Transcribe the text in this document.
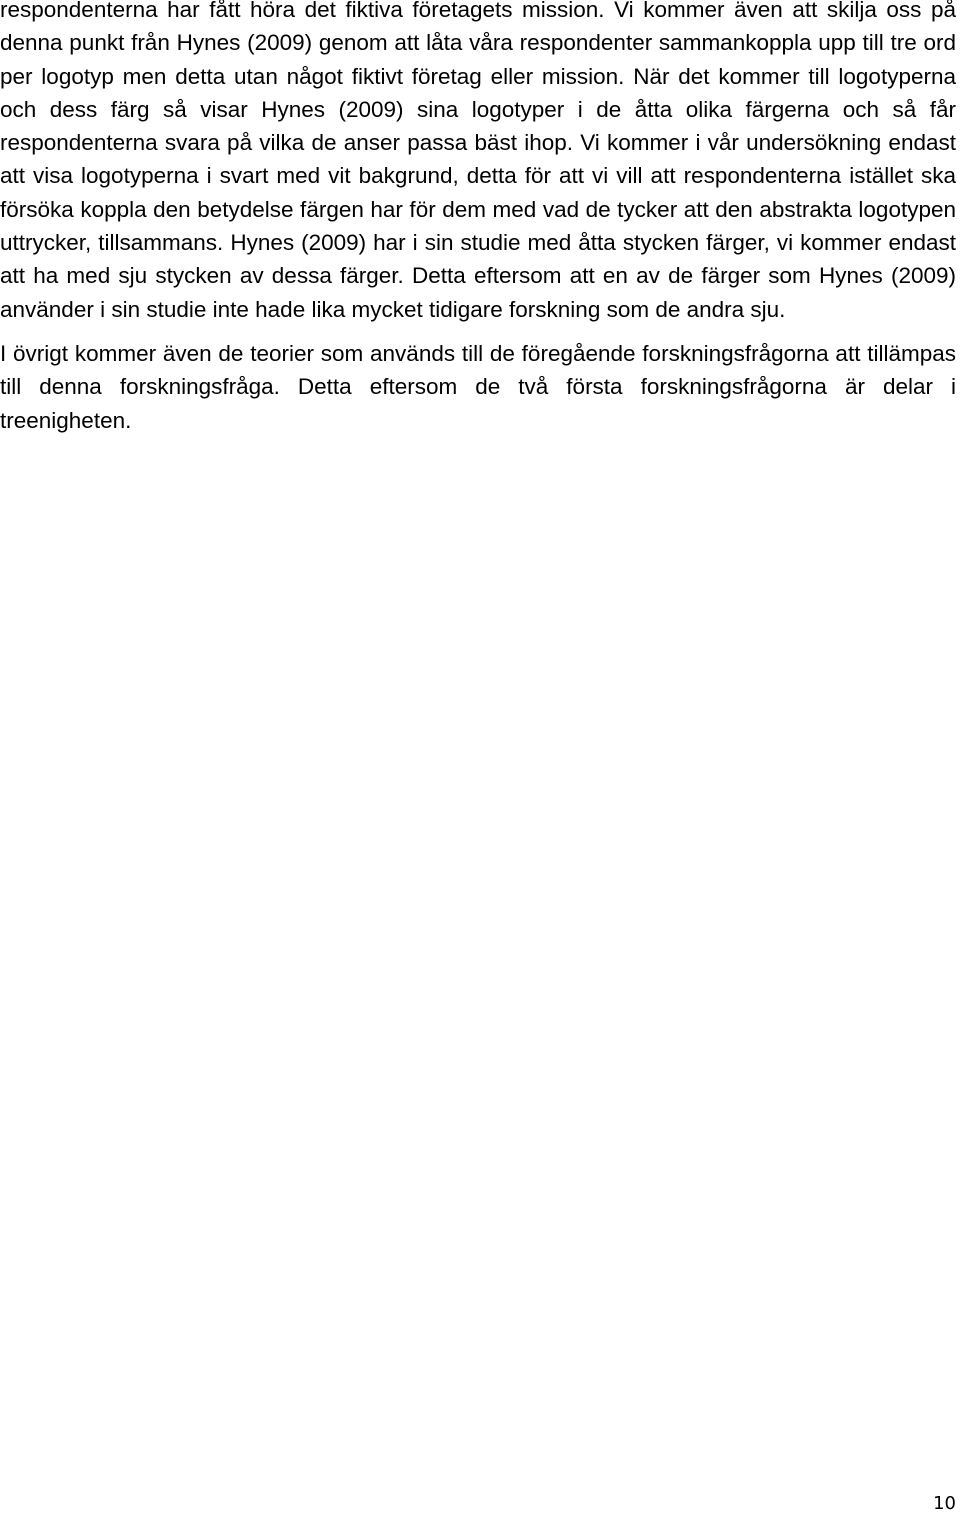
respondenterna har fått höra det fiktiva företagets mission. Vi kommer även att skilja oss på denna punkt från Hynes (2009) genom att låta våra respondenter sammankoppla upp till tre ord per logotyp men detta utan något fiktivt företag eller mission. När det kommer till logotyperna och dess färg så visar Hynes (2009) sina logotyper i de åtta olika färgerna och så får respondenterna svara på vilka de anser passa bäst ihop. Vi kommer i vår undersökning endast att visa logotyperna i svart med vit bakgrund, detta för att vi vill att respondenterna istället ska försöka koppla den betydelse färgen har för dem med vad de tycker att den abstrakta logotypen uttrycker, tillsammans. Hynes (2009) har i sin studie med åtta stycken färger, vi kommer endast att ha med sju stycken av dessa färger. Detta eftersom att en av de färger som Hynes (2009) använder i sin studie inte hade lika mycket tidigare forskning som de andra sju.

I övrigt kommer även de teorier som används till de föregående forskningsfrågorna att tillämpas till denna forskningsfråga. Detta eftersom de två första forskningsfrågorna är delar i treenigheten.

10
